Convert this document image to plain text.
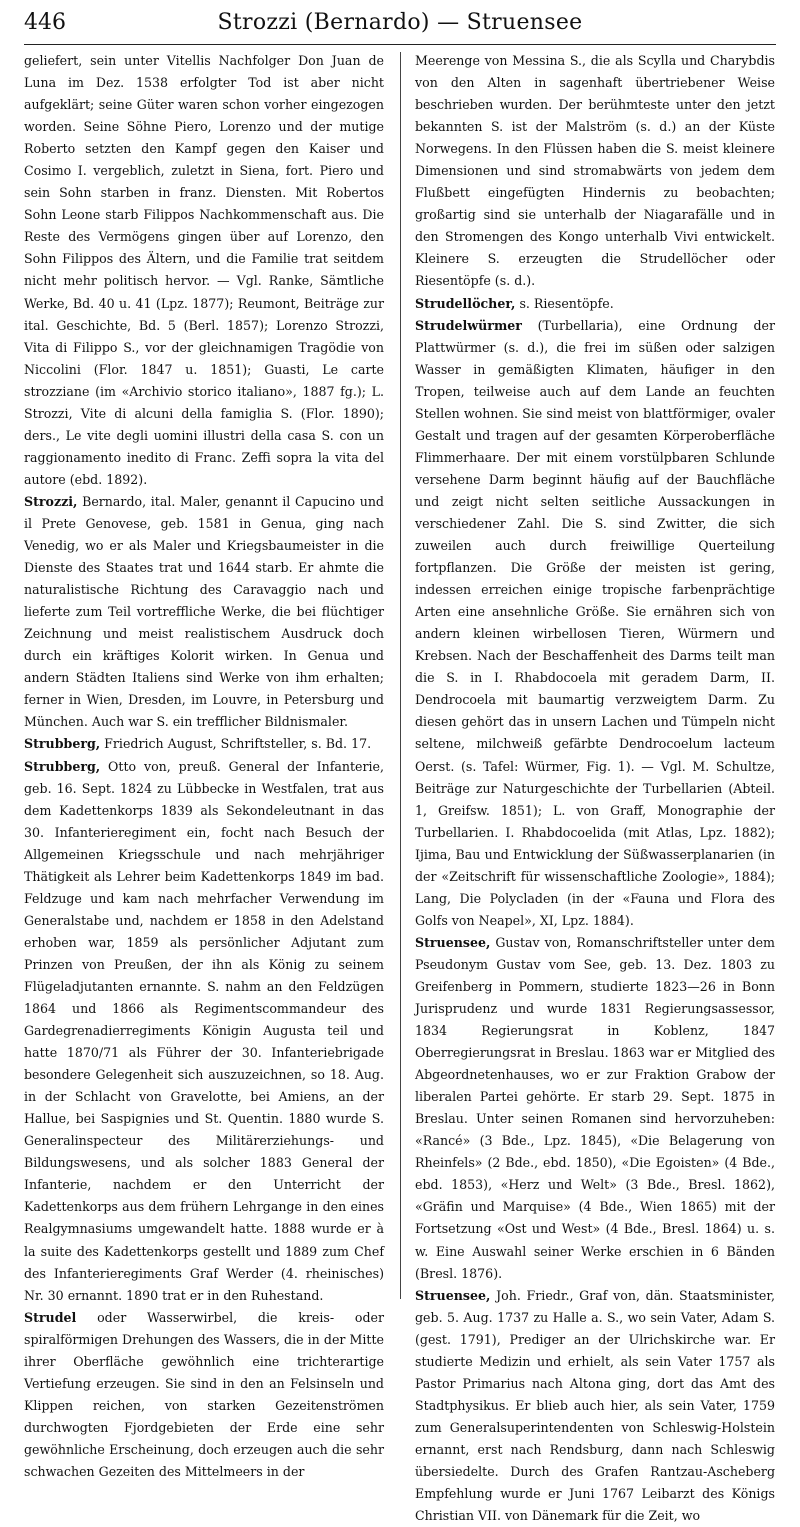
446	Strozzi (Bernardo) — Struensee

geliefert, sein unter Vitellis Nachfolger Don Juan de Luna im Dez. 1538 erfolgter Tod ist aber nicht aufgeklärt; seine Güter waren schon vorher eingezogen worden. Seine Söhne Piero, Lorenzo und der mutige Roberto setzten den Kampf gegen den Kaiser und Cosimo I. vergeblich, zuletzt in Siena, fort. Piero und sein Sohn starben in franz. Diensten. Mit Robertos Sohn Leone starb Filippos Nachkommenschaft aus. Die Reste des Vermögens gingen über auf Lorenzo, den Sohn Filippos des Ältern, und die Familie trat seitdem nicht mehr politisch hervor. — Vgl. Ranke, Sämtliche Werke, Bd. 40 u. 41 (Lpz. 1877); Reumont, Beiträge zur ital. Geschichte, Bd. 5 (Berl. 1857); Lorenzo Strozzi, Vita di Filippo S., vor der gleichnamigen Tragödie von Niccolini (Flor. 1847 u. 1851); Guasti, Le carte strozziane (im «Archivio storico italiano», 1887 fg.); L. Strozzi, Vite di alcuni della famiglia S. (Flor. 1890); ders., Le vite degli uomini illustri della casa S. con un raggionamento inedito di Franc. Zeffi sopra la vita del autore (ebd. 1892).

Strozzi, Bernardo, ital. Maler, genannt il Capucino und il Prete Genovese, geb. 1581 in Genua, ging nach Venedig, wo er als Maler und Kriegsbaumeister in die Dienste des Staates trat und 1644 starb. Er ahmte die naturalistische Richtung des Caravaggio nach und lieferte zum Teil vortreffliche Werke, die bei flüchtiger Zeichnung und meist realistischem Ausdruck doch durch ein kräftiges Kolorit wirken. In Genua und andern Städten Italiens sind Werke von ihm erhalten; ferner in Wien, Dresden, im Louvre, in Petersburg und München. Auch war S. ein trefflicher Bildnismaler.

Strubberg, Friedrich August, Schriftsteller, s. Bd. 17.

Strubberg, Otto von, preuß. General der Infanterie, geb. 16. Sept. 1824 zu Lübbecke in Westfalen, trat aus dem Kadettenkorps 1839 als Sekondeleutnant in das 30. Infanterieregiment ein, focht nach Besuch der Allgemeinen Kriegsschule und nach mehrjähriger Thätigkeit als Lehrer beim Kadettenkorps 1849 im bad. Feldzuge und kam nach mehrfacher Verwendung im Generalstabe und, nachdem er 1858 in den Adelstand erhoben war, 1859 als persönlicher Adjutant zum Prinzen von Preußen, der ihn als König zu seinem Flügeladjutanten ernannte. S. nahm an den Feldzügen 1864 und 1866 als Regimentscommandeur des Gardegrenadierregiments Königin Augusta teil und hatte 1870/71 als Führer der 30. Infanteriebrigade besondere Gelegenheit sich auszuzeichnen, so 18. Aug. in der Schlacht von Gravelotte, bei Amiens, an der Hallue, bei Saspignies und St. Quentin. 1880 wurde S. Generalinspecteur des Militärerziehungs- und Bildungswesens, und als solcher 1883 General der Infanterie, nachdem er den Unterricht der Kadettenkorps aus dem frühern Lehrgange in den eines Realgymnasiums umgewandelt hatte. 1888 wurde er à la suite des Kadettenkorps gestellt und 1889 zum Chef des Infanterieregiments Graf Werder (4. rheinisches) Nr. 30 ernannt. 1890 trat er in den Ruhestand.

Strudel oder Wasserwirbel, die kreis- oder spiralförmigen Drehungen des Wassers, die in der Mitte ihrer Oberfläche gewöhnlich eine trichterartige Vertiefung erzeugen. Sie sind in den an Felsinseln und Klippen reichen, von starken Gezeitenströmen durchwogten Fjordgebieten der Erde eine sehr gewöhnliche Erscheinung, doch erzeugen auch die sehr schwachen Gezeiten des Mittelmeers in der

Meerenge von Messina S., die als Scylla und Charybdis von den Alten in sagenhaft übertriebener Weise beschrieben wurden. Der berühmteste unter den jetzt bekannten S. ist der Malström (s. d.) an der Küste Norwegens. In den Flüssen haben die S. meist kleinere Dimensionen und sind stromabwärts von jedem dem Flußbett eingefügten Hindernis zu beobachten; großartig sind sie unterhalb der Niagarafälle und in den Stromengen des Kongo unterhalb Vivi entwickelt. Kleinere S. erzeugten die Strudellöcher oder Riesentöpfe (s. d.).

Strudellöcher, s. Riesentöpfe.

Strudelwürmer (Turbellaria), eine Ordnung der Plattwürmer (s. d.), die frei im süßen oder salzigen Wasser in gemäßigten Klimaten, häufiger in den Tropen, teilweise auch auf dem Lande an feuchten Stellen wohnen. Sie sind meist von blattförmiger, ovaler Gestalt und tragen auf der gesamten Körperoberfläche Flimmerhaare. Der mit einem vorstülpbaren Schlunde versehene Darm beginnt häufig auf der Bauchfläche und zeigt nicht selten seitliche Aussackungen in verschiedener Zahl. Die S. sind Zwitter, die sich zuweilen auch durch freiwillige Querteilung fortpflanzen. Die Größe der meisten ist gering, indessen erreichen einige tropische farbenprächtige Arten eine ansehnliche Größe. Sie ernähren sich von andern kleinen wirbellosen Tieren, Würmern und Krebsen. Nach der Beschaffenheit des Darms teilt man die S. in I. Rhabdocoela mit geradem Darm, II. Dendrocoela mit baumartig verzweigtem Darm. Zu diesen gehört das in unsern Lachen und Tümpeln nicht seltene, milchweiß gefärbte Dendrocoelum lacteum Oerst. (s. Tafel: Würmer, Fig. 1). — Vgl. M. Schultze, Beiträge zur Naturgeschichte der Turbellarien (Abteil. 1, Greifsw. 1851); L. von Graff, Monographie der Turbellarien. I. Rhabdocoelida (mit Atlas, Lpz. 1882); Ijima, Bau und Entwicklung der Süßwasserplanarien (in der «Zeitschrift für wissenschaftliche Zoologie», 1884); Lang, Die Polycladen (in der «Fauna und Flora des Golfs von Neapel», XI, Lpz. 1884).

Struensee, Gustav von, Romanschriftsteller unter dem Pseudonym Gustav vom See, geb. 13. Dez. 1803 zu Greifenberg in Pommern, studierte 1823—26 in Bonn Jurisprudenz und wurde 1831 Regierungsassessor, 1834 Regierungsrat in Koblenz, 1847 Oberregierungsrat in Breslau. 1863 war er Mitglied des Abgeordnetenhauses, wo er zur Fraktion Grabow der liberalen Partei gehörte. Er starb 29. Sept. 1875 in Breslau. Unter seinen Romanen sind hervorzuheben: «Rancé» (3 Bde., Lpz. 1845), «Die Belagerung von Rheinfels» (2 Bde., ebd. 1850), «Die Egoisten» (4 Bde., ebd. 1853), «Herz und Welt» (3 Bde., Bresl. 1862), «Gräfin und Marquise» (4 Bde., Wien 1865) mit der Fortsetzung «Ost und West» (4 Bde., Bresl. 1864) u. s. w. Eine Auswahl seiner Werke erschien in 6 Bänden (Bresl. 1876).

Struensee, Joh. Friedr., Graf von, dän. Staatsminister, geb. 5. Aug. 1737 zu Halle a. S., wo sein Vater, Adam S. (gest. 1791), Prediger an der Ulrichskirche war. Er studierte Medizin und erhielt, als sein Vater 1757 als Pastor Primarius nach Altona ging, dort das Amt des Stadtphysikus. Er blieb auch hier, als sein Vater, 1759 zum Generalsuperintendenten von Schleswig-Holstein ernannt, erst nach Rendsburg, dann nach Schleswig übersiedelte. Durch des Grafen Rantzau-Ascheberg Empfehlung wurde er Juni 1767 Leibarzt des Königs Christian VII. von Dänemark für die Zeit, wo
